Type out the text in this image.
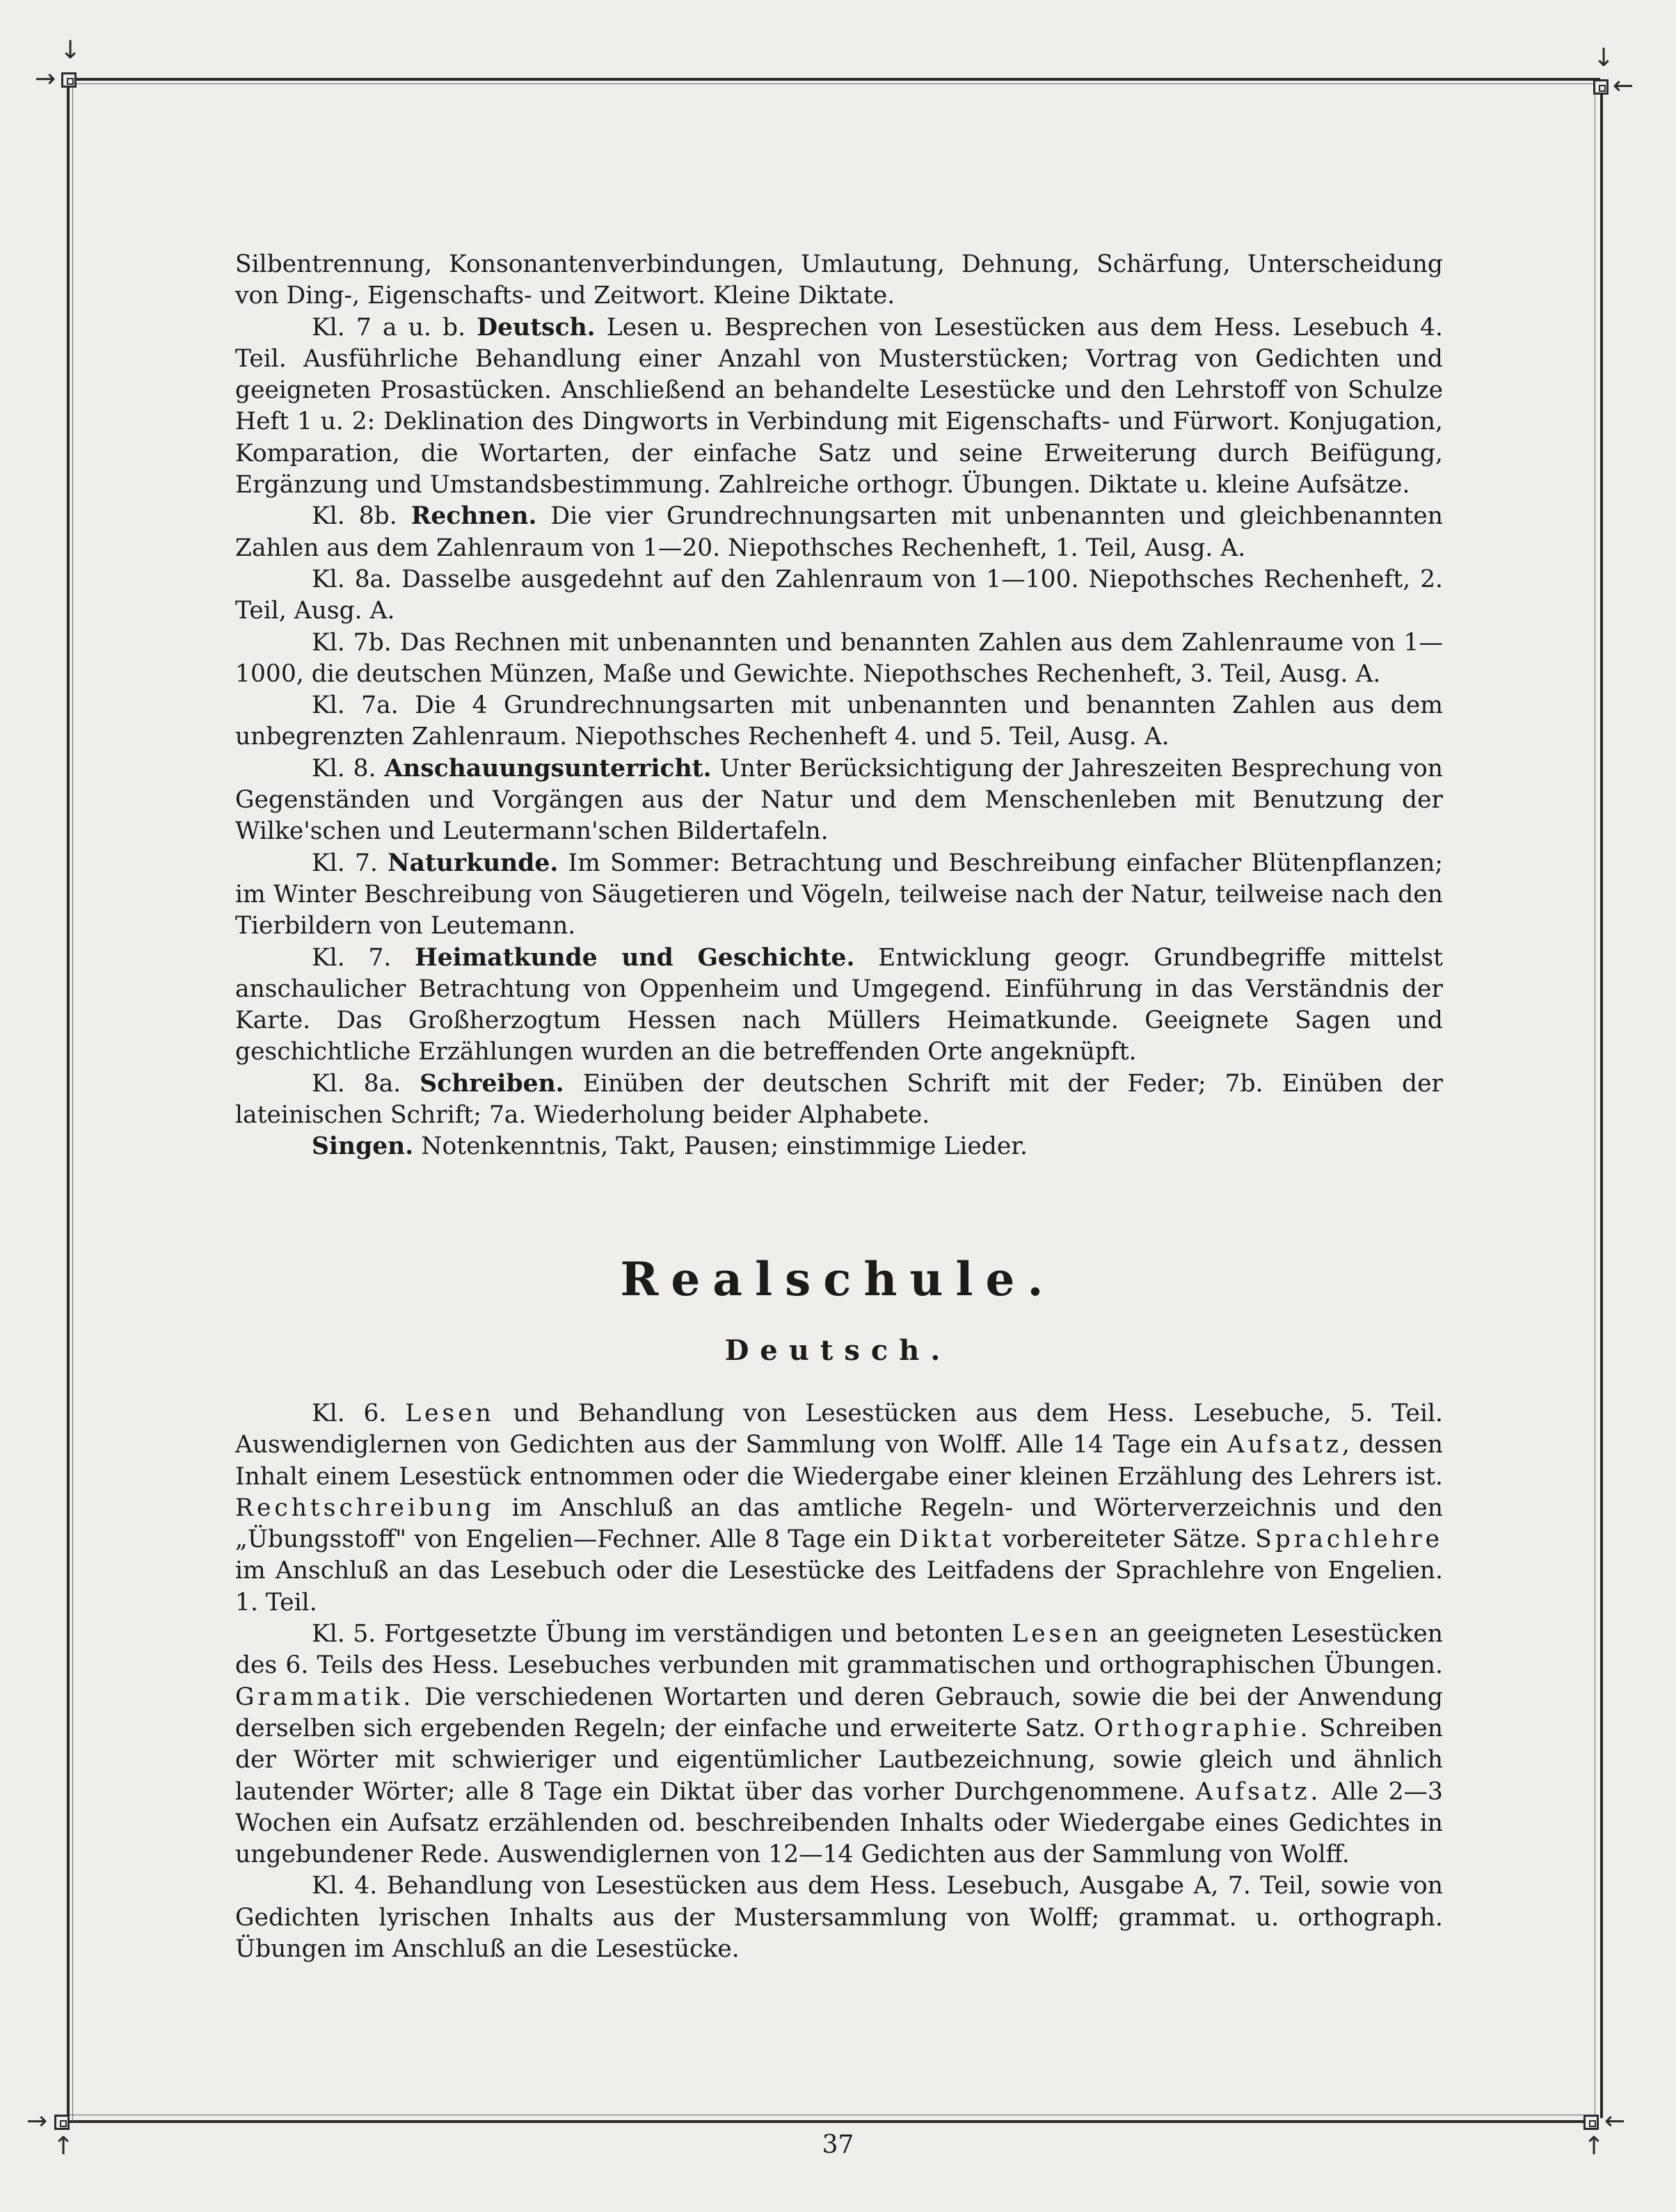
→
↓
←
↓
→
↑
←
↑

Silbentrennung, Konsonantenverbindungen, Umlautung, Dehnung, Schärfung, Unterscheidung von Ding-, Eigenschafts- und Zeitwort. Kleine Diktate.

Kl. 7 a u. b. Deutsch. Lesen u. Besprechen von Lesestücken aus dem Hess. Lesebuch 4. Teil. Ausführliche Behandlung einer Anzahl von Musterstücken; Vortrag von Gedichten und geeigneten Prosastücken. Anschließend an behandelte Lesestücke und den Lehrstoff von Schulze Heft 1 u. 2: Deklination des Dingworts in Verbindung mit Eigenschafts- und Fürwort. Konjugation, Komparation, die Wortarten, der einfache Satz und seine Erweiterung durch Beifügung, Ergänzung und Umstandsbestimmung. Zahlreiche orthogr. Übungen. Diktate u. kleine Aufsätze.

Kl. 8b. Rechnen. Die vier Grundrechnungsarten mit unbenannten und gleichbenannten Zahlen aus dem Zahlenraum von 1—20. Niepothsches Rechenheft, 1. Teil, Ausg. A.

Kl. 8a. Dasselbe ausgedehnt auf den Zahlenraum von 1—100. Niepothsches Rechenheft, 2. Teil, Ausg. A.

Kl. 7b. Das Rechnen mit unbenannten und benannten Zahlen aus dem Zahlenraume von 1—1000, die deutschen Münzen, Maße und Gewichte. Niepothsches Rechenheft, 3. Teil, Ausg. A.

Kl. 7a. Die 4 Grundrechnungsarten mit unbenannten und benannten Zahlen aus dem unbegrenzten Zahlenraum. Niepothsches Rechenheft 4. und 5. Teil, Ausg. A.

Kl. 8. Anschauungsunterricht. Unter Berücksichtigung der Jahreszeiten Besprechung von Gegenständen und Vorgängen aus der Natur und dem Menschenleben mit Benutzung der Wilke'schen und Leutermann'schen Bildertafeln.

Kl. 7. Naturkunde. Im Sommer: Betrachtung und Beschreibung einfacher Blütenpflanzen; im Winter Beschreibung von Säugetieren und Vögeln, teilweise nach der Natur, teilweise nach den Tierbildern von Leutemann.

Kl. 7. Heimatkunde und Geschichte. Entwicklung geogr. Grundbegriffe mittelst anschaulicher Betrachtung von Oppenheim und Umgegend. Einführung in das Verständnis der Karte. Das Großherzogtum Hessen nach Müllers Heimatkunde. Geeignete Sagen und geschichtliche Erzählungen wurden an die betreffenden Orte angeknüpft.

Kl. 8a. Schreiben. Einüben der deutschen Schrift mit der Feder; 7b. Einüben der lateinischen Schrift; 7a. Wiederholung beider Alphabete.

Singen. Notenkenntnis, Takt, Pausen; einstimmige Lieder.

Realschule.
Deutsch.

Kl. 6. Lesen und Behandlung von Lesestücken aus dem Hess. Lesebuche, 5. Teil. Auswendiglernen von Gedichten aus der Sammlung von Wolff. Alle 14 Tage ein Aufsatz, dessen Inhalt einem Lesestück entnommen oder die Wiedergabe einer kleinen Erzählung des Lehrers ist. Rechtschreibung im Anschluß an das amtliche Regeln- und Wörterverzeichnis und den „Übungsstoff" von Engelien—Fechner. Alle 8 Tage ein Diktat vorbereiteter Sätze. Sprachlehre im Anschluß an das Lesebuch oder die Lesestücke des Leitfadens der Sprachlehre von Engelien. 1. Teil.

Kl. 5. Fortgesetzte Übung im verständigen und betonten Lesen an geeigneten Lesestücken des 6. Teils des Hess. Lesebuches verbunden mit grammatischen und orthographischen Übungen. Grammatik. Die verschiedenen Wortarten und deren Gebrauch, sowie die bei der Anwendung derselben sich ergebenden Regeln; der einfache und erweiterte Satz. Orthographie. Schreiben der Wörter mit schwieriger und eigentümlicher Lautbezeichnung, sowie gleich und ähnlich lautender Wörter; alle 8 Tage ein Diktat über das vorher Durchgenommene. Aufsatz. Alle 2—3 Wochen ein Aufsatz erzählenden od. beschreibenden Inhalts oder Wiedergabe eines Gedichtes in ungebundener Rede. Auswendiglernen von 12—14 Gedichten aus der Sammlung von Wolff.

Kl. 4. Behandlung von Lesestücken aus dem Hess. Lesebuch, Ausgabe A, 7. Teil, sowie von Gedichten lyrischen Inhalts aus der Mustersammlung von Wolff; grammat. u. orthograph. Übungen im Anschluß an die Lesestücke.

37
